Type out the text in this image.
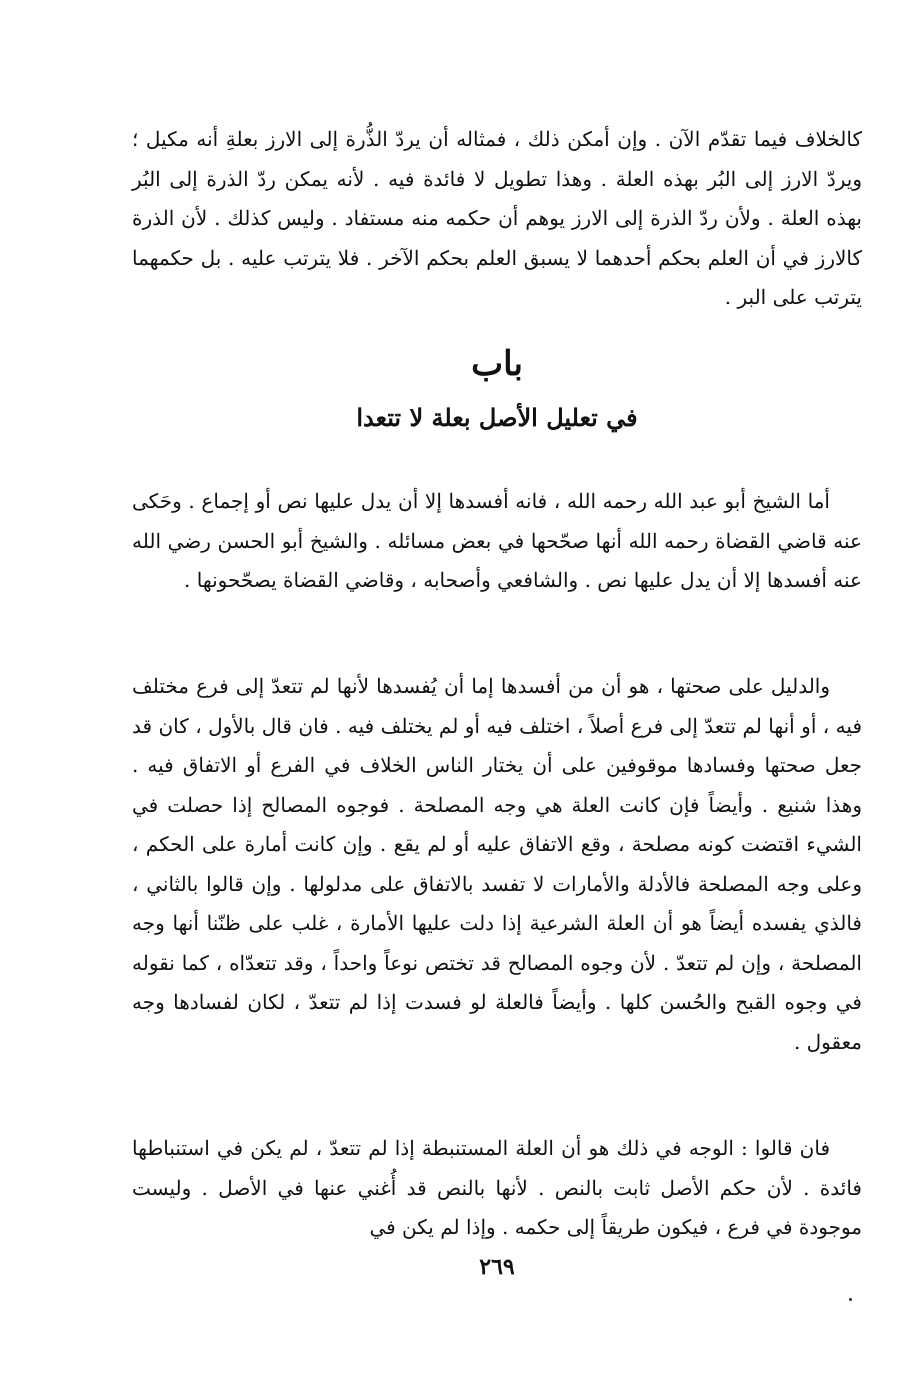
كالخلاف فيما تقدّم الآن . وإن أمكن ذلك ، فمثاله أن يردّ الذُّرة إلى الارز بعلةِ أنه مكيل ؛ ويردّ الارز إلى البُر بهذه العلة . وهذا تطويل لا فائدة فيه . لأنه يمكن ردّ الذرة إلى البُر بهذه العلة . ولأن ردّ الذرة إلى الارز يوهم أن حكمه منه مستفاد . وليس كذلك . لأن الذرة كالارز في أن العلم بحكم أحدهما لا يسبق العلم بحكم الآخر . فلا يترتب عليه . بل حكمهما يترتب على البر .

باب
في تعليل الأصل بعلة لا تتعدا

أما الشيخ أبو عبد الله رحمه الله ، فانه أفسدها إلا أن يدل عليها نص أو إجماع . وحَكى عنه قاضي القضاة رحمه الله أنها صحّحها في بعض مسائله . والشيخ أبو الحسن رضي الله عنه أفسدها إلا أن يدل عليها نص . والشافعي وأصحابه ، وقاضي القضاة يصحّحونها .

والدليل على صحتها ، هو أن من أفسدها إما أن يُفسدها لأنها لم تتعدّ إلى فرع مختلف فيه ، أو أنها لم تتعدّ إلى فرع أصلاً ، اختلف فيه أو لم يختلف فيه . فان قال بالأول ، كان قد جعل صحتها وفسادها موقوفين على أن يختار الناس الخلاف في الفرع أو الاتفاق فيه . وهذا شنيع . وأيضاً فإن كانت العلة هي وجه المصلحة . فوجوه المصالح إذا حصلت في الشيء اقتضت كونه مصلحة ، وقع الاتفاق عليه أو لم يقع . وإن كانت أمارة على الحكم ، وعلى وجه المصلحة فالأدلة والأمارات لا تفسد بالاتفاق على مدلولها . وإن قالوا بالثاني ، فالذي يفسده أيضاً هو أن العلة الشرعية إذا دلت عليها الأمارة ، غلب على ظنّنا أنها وجه المصلحة ، وإن لم تتعدّ . لأن وجوه المصالح قد تختص نوعاً واحداً ، وقد تتعدّاه ، كما نقوله في وجوه القبح والحُسن كلها . وأيضاً فالعلة لو فسدت إذا لم تتعدّ ، لكان لفسادها وجه معقول .

فان قالوا : الوجه في ذلك هو أن العلة المستنبطة إذا لم تتعدّ ، لم يكن في استنباطها فائدة . لأن حكم الأصل ثابت بالنص . لأنها بالنص قد أُغني عنها في الأصل . وليست موجودة في فرع ، فيكون طريقاً إلى حكمه . وإذا لم يكن في

٢٦٩
